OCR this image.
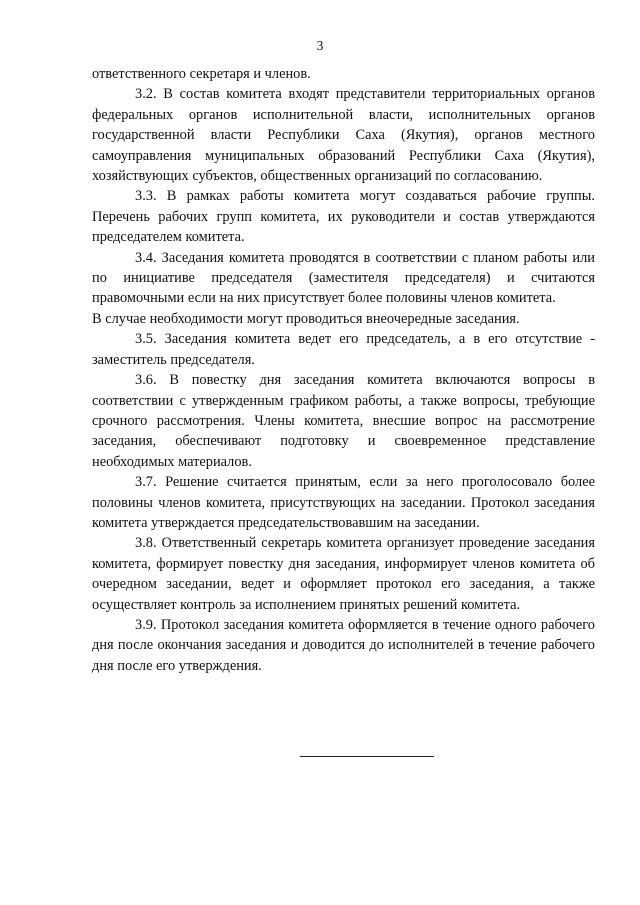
3

ответственного секретаря и членов.

3.2. В состав комитета входят представители территориальных органов федеральных органов исполнительной власти, исполнительных органов государственной власти Республики Саха (Якутия), органов местного самоуправления муниципальных образований Республики Саха (Якутия), хозяйствующих субъектов, общественных организаций по согласованию.

3.3. В рамках работы комитета могут создаваться рабочие группы. Перечень рабочих групп комитета, их руководители и состав утверждаются председателем комитета.

3.4. Заседания комитета проводятся в соответствии с планом работы или по инициативе председателя (заместителя председателя) и считаются правомочными если на них присутствует более половины членов комитета.

В случае необходимости могут проводиться внеочередные заседания.

3.5. Заседания комитета ведет его председатель, а в его отсутствие - заместитель председателя.

3.6. В повестку дня заседания комитета включаются вопросы в соответствии с утвержденным графиком работы, а также вопросы, требующие срочного рассмотрения. Члены комитета, внесшие вопрос на рассмотрение заседания, обеспечивают подготовку и своевременное представление необходимых материалов.

3.7. Решение считается принятым, если за него проголосовало более половины членов комитета, присутствующих на заседании. Протокол заседания комитета утверждается председательствовавшим на заседании.

3.8. Ответственный секретарь комитета организует проведение заседания комитета, формирует повестку дня заседания, информирует членов комитета об очередном заседании, ведет и оформляет протокол его заседания, а также осуществляет контроль за исполнением принятых решений комитета.

3.9. Протокол заседания комитета оформляется в течение одного рабочего дня после окончания заседания и доводится до исполнителей в течение рабочего дня после его утверждения.
